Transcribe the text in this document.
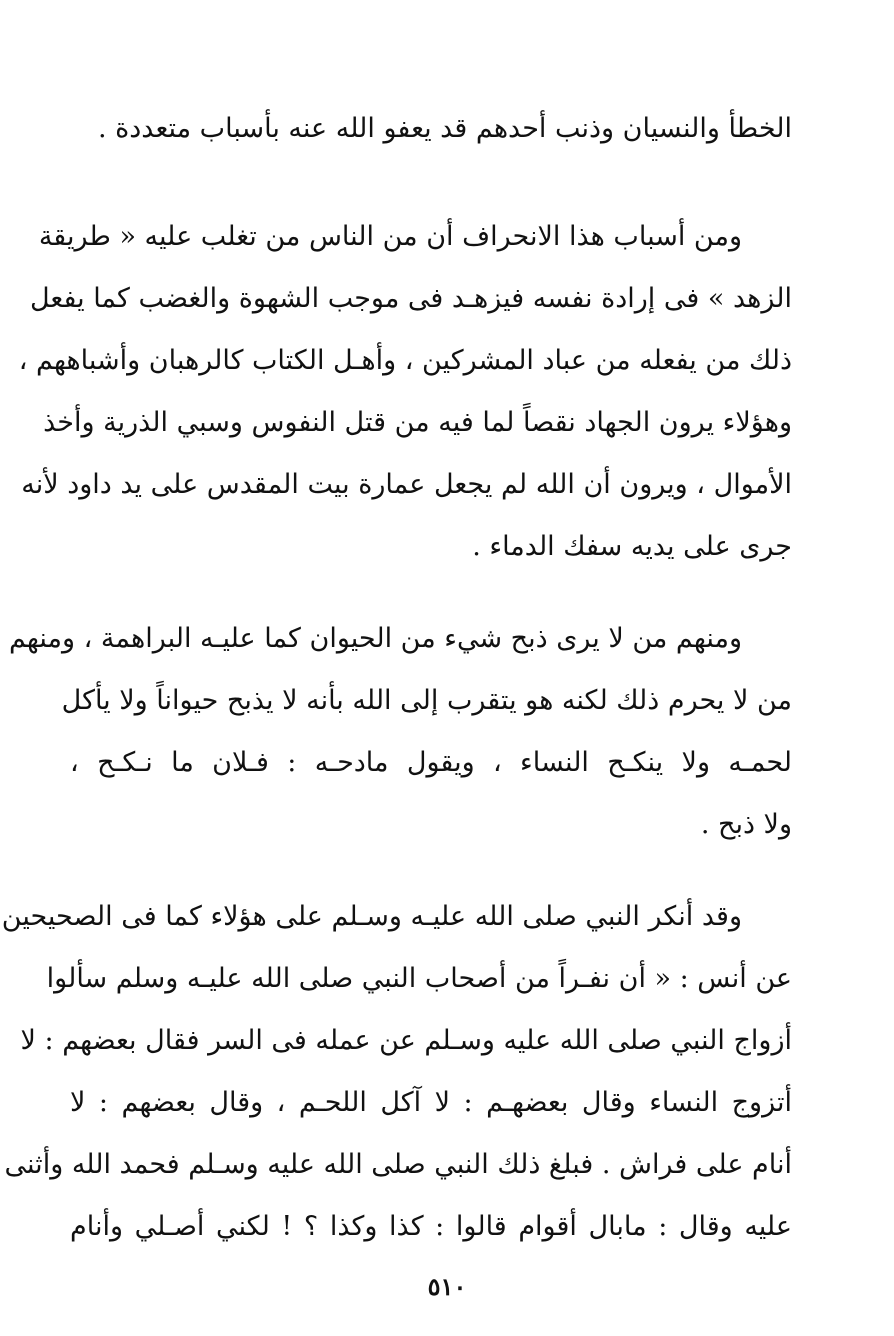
الخطأ والنسيان وذنب أحدهم قد يعفو الله عنه بأسباب متعددة .
ومن أسباب هذا الانحراف أن من الناس من تغلب عليه « طريقة
الزهد » فى إرادة نفسه فيزهـد فى موجب الشهوة والغضب كما يفعل
ذلك من يفعله من عباد المشركين ، وأهـل الكتاب كالرهبان وأشباههم ،
وهؤلاء يرون الجهاد نقصاً لما فيه من قتل النفوس وسبي الذرية وأخذ
الأموال ، ويرون أن الله لم يجعل عمارة بيت المقدس على يد داود لأنه
جرى على يديه سفك الدماء .
ومنهم من لا يرى ذبح شيء من الحيوان كما عليـه البراهمة ، ومنهم
من لا يحرم ذلك لكنه هو يتقرب إلى الله بأنه لا يذبح حيواناً ولا يأكل
لحمـه ولا ينكـح النساء ، ويقول مادحـه : فـلان ما نـكـح ،
ولا ذبح .
وقد أنكر النبي صلى الله عليـه وسـلم على هؤلاء كما فى الصحيحين
عن أنس : « أن نفـراً من أصحاب النبي صلى الله عليـه وسلم سألوا
أزواج النبي صلى الله عليه وسـلم عن عمله فى السر فقال بعضهم : لا
أتزوج النساء وقال بعضهـم : لا آكل اللحـم ، وقال بعضهم : لا
أنام على فراش . فبلغ ذلك النبي صلى الله عليه وسـلم فحمد الله وأثنى
عليه وقال : مابال أقوام قالوا : كذا وكذا ؟ ! لكني أصـلي وأنام
٥١٠
